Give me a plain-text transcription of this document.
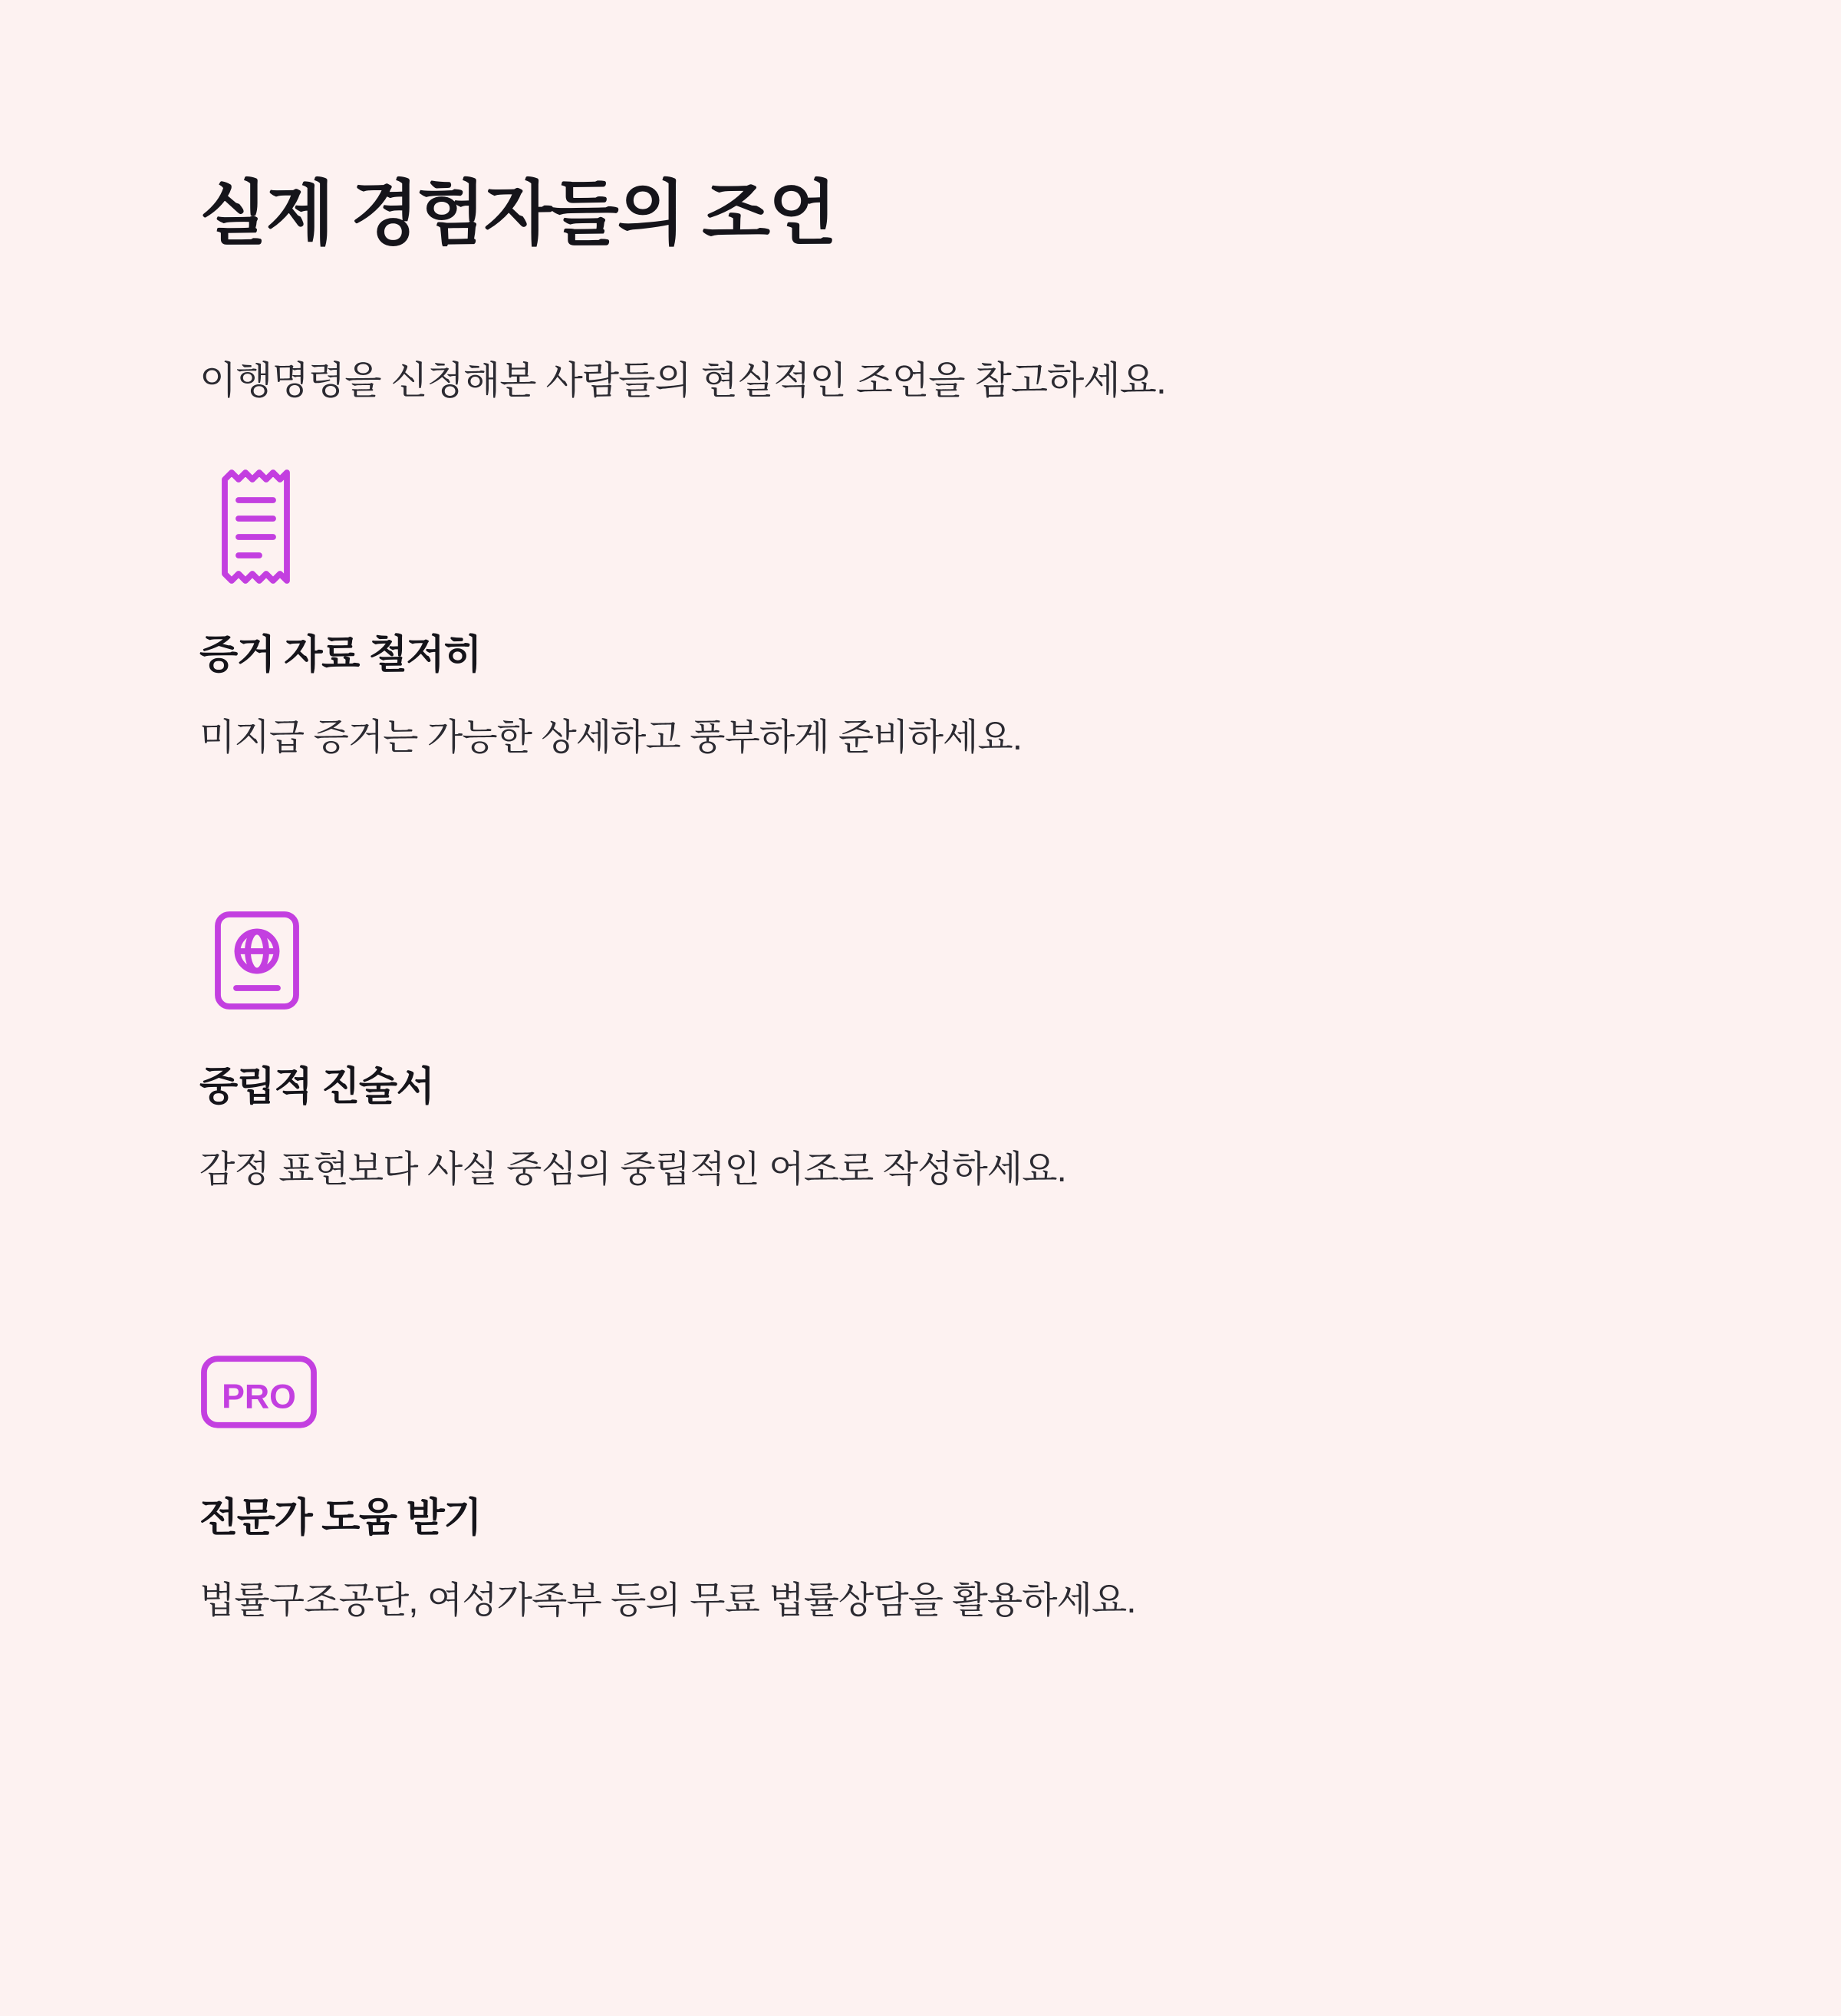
실제 경험자들의 조언

이행명령을 신청해본 사람들의 현실적인 조언을 참고하세요.

증거 자료 철저히

미지급 증거는 가능한 상세하고 풍부하게 준비하세요.

중립적 진술서

감정 표현보다 사실 중심의 중립적인 어조로 작성하세요.

PRO
전문가 도움 받기

법률구조공단, 여성가족부 등의 무료 법률상담을 활용하세요.
